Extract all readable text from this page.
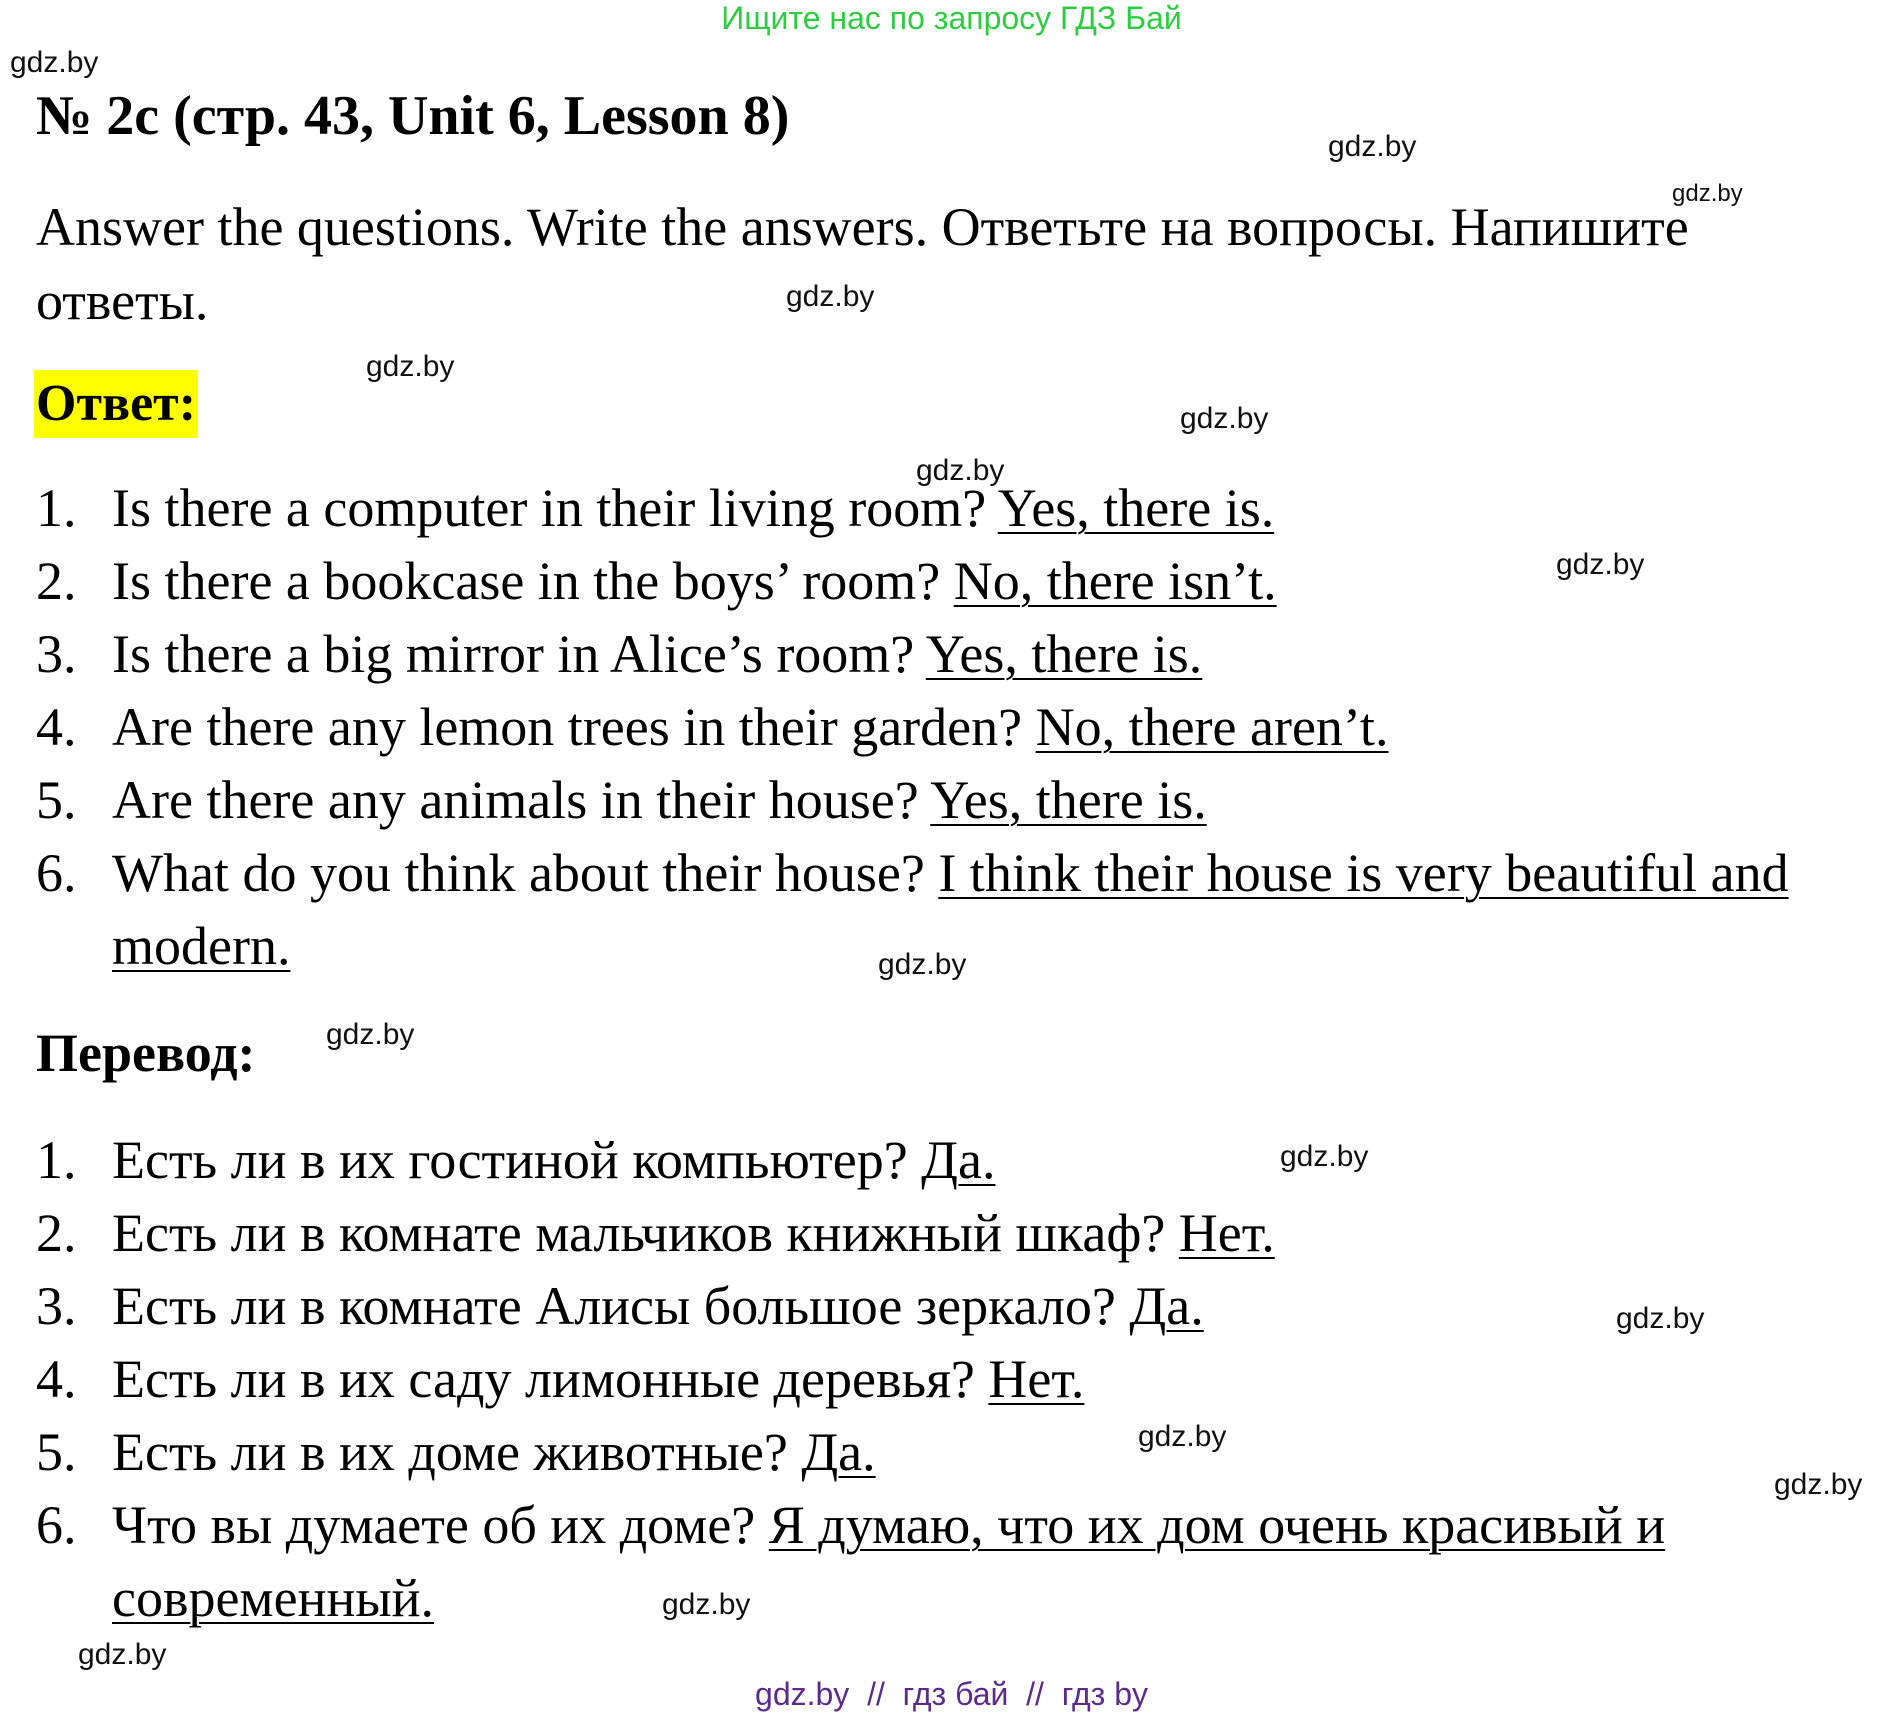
Ищите нас по запросу ГДЗ Бай
gdz.by
gdz.by
gdz.by
gdz.by
gdz.by
gdz.by
gdz.by
gdz.by
gdz.by
gdz.by
gdz.by
gdz.by
gdz.by
gdz.by
gdz.by
gdz.by
№ 2c (стр. 43, Unit 6, Lesson 8)
Answer the questions. Write the answers. Ответьте на вопросы. Напишите ответы.
Ответ:
1. Is there a computer in their living room? Yes, there is.
2. Is there a bookcase in the boys’ room? No, there isn’t.
3. Is there a big mirror in Alice’s room? Yes, there is.
4. Are there any lemon trees in their garden? No, there aren’t.
5. Are there any animals in their house? Yes, there is.
6. What do you think about their house? I think their house is very beautiful and modern.
Перевод:
1. Есть ли в их гостиной компьютер? Да.
2. Есть ли в комнате мальчиков книжный шкаф? Нет.
3. Есть ли в комнате Алисы большое зеркало? Да.
4. Есть ли в их саду лимонные деревья? Нет.
5. Есть ли в их доме животные? Да.
6. Что вы думаете об их доме? Я думаю, что их дом очень красивый и современный.
gdz.by  //  гдз бай  //  гдз by
